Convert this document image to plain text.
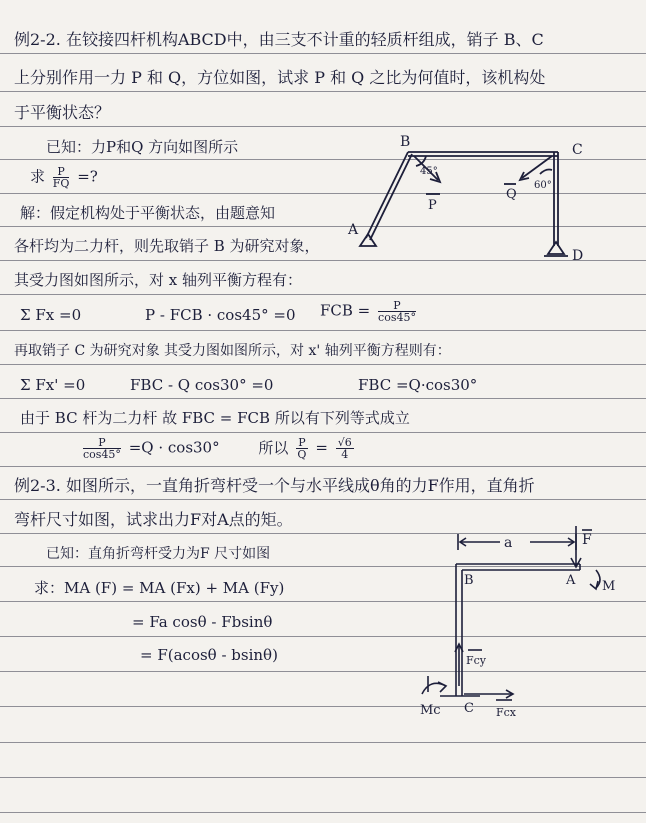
例2-2. 在铰接四杆机构ABCD中，由三支不计重的轻质杆组成，销子 B、C
上分别作用一力 P 和 Q，方位如图，试求 P 和 Q 之比为何值时，该机构处
于平衡状态？
已知：力P和Q 方向如图所示
求 $\frac{P}{FQ}$ =?
解：假定机构处于平衡状态，由题意知
各杆均为二力杆，则先取销子 B 为研究对象，
其受力图如图所示，对 x 轴列平衡方程有：
Σ Fx =0	P - FCB · cos45° =0 FCB = $\frac{P}{\cos 45^\circ}$
再取销子 C 为研究对象 其受力图如图所示，对 x' 轴列平衡方程则有：
Σ Fx' =0	FBC - Q cos30° =0	FBC =Q·cos30°
由于 BC 杆为二力杆 故 FBC = FCB 所以有下列等式成立
$\frac{P}{\cos 45^\circ} =Q \cdot \cos 30^\circ$	所以 $\frac{P}{Q} = \frac{√6}{4}$
例2-3. 如图所示，一直角折弯杆受一个与水平线成θ角的力F作用，直角折
弯杆尺寸如图，试求出力F对A点的矩。
已知：直角折弯杆受力为F 尺寸如图
求：MA (F) = MA (Fx) + MA (Fy)
= Fa cosθ - Fbsinθ
= F(acosθ - bsinθ)
B	C
A
D
45°
60°
P
Q
a	F
B	A M
Fcy
Mc C Fcx
